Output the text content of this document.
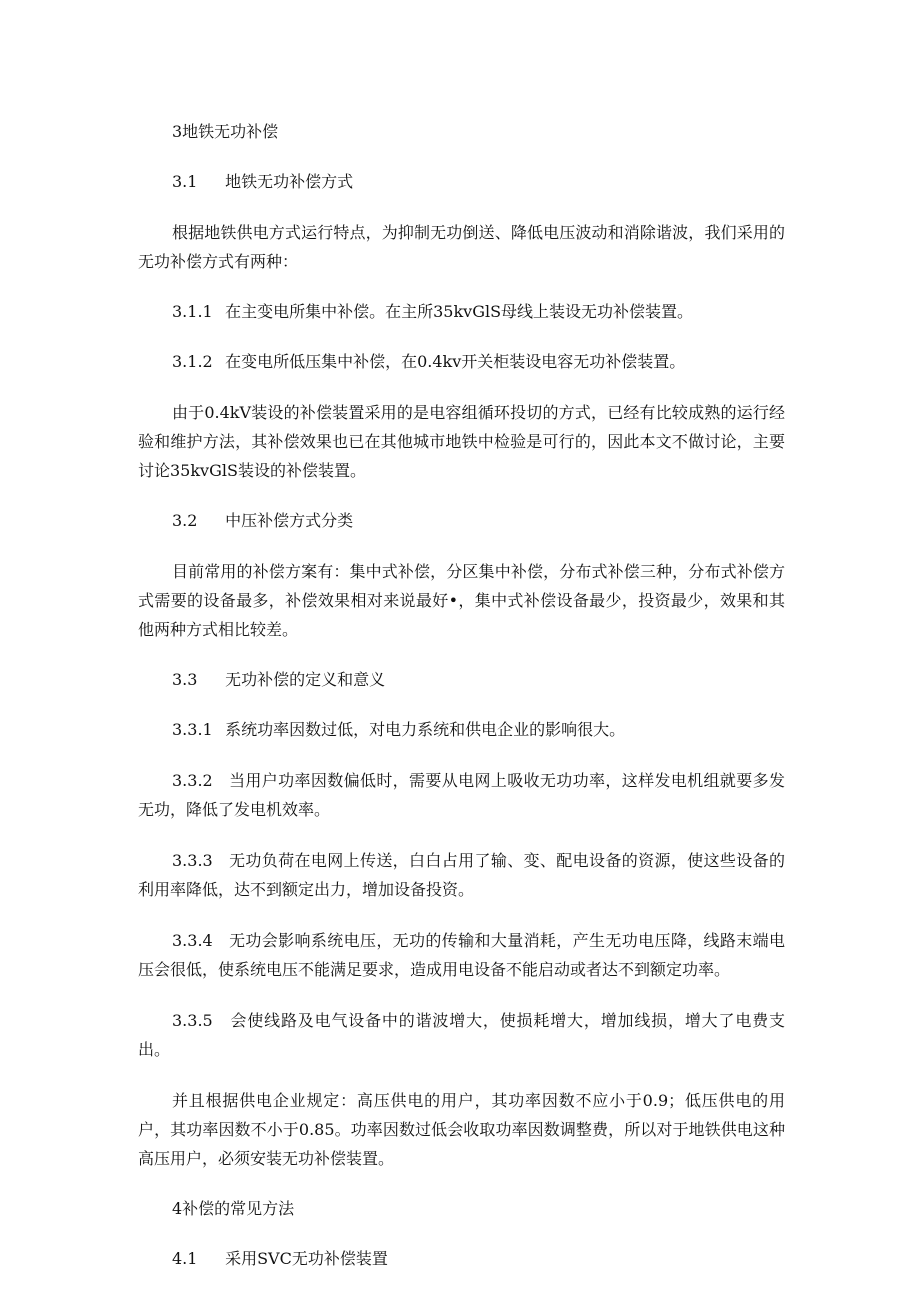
3地铁无功补偿

3.1 地铁无功补偿方式

根据地铁供电方式运行特点，为抑制无功倒送、降低电压波动和消除谐波，我们采用的无功补偿方式有两种：

3.1.1 在主变电所集中补偿。在主所35kvGlS母线上装设无功补偿装置。

3.1.2 在变电所低压集中补偿，在0.4kv开关柜装设电容无功补偿装置。

由于0.4kV装设的补偿装置采用的是电容组循环投切的方式，已经有比较成熟的运行经验和维护方法，其补偿效果也已在其他城市地铁中检验是可行的，因此本文不做讨论，主要讨论35kvGlS装设的补偿装置。

3.2 中压补偿方式分类

目前常用的补偿方案有：集中式补偿，分区集中补偿，分布式补偿三种，分布式补偿方式需要的设备最多，补偿效果相对来说最好•，集中式补偿设备最少，投资最少，效果和其他两种方式相比较差。

3.3 无功补偿的定义和意义

3.3.1 系统功率因数过低，对电力系统和供电企业的影响很大。

3.3.2 当用户功率因数偏低时，需要从电网上吸收无功功率，这样发电机组就要多发无功，降低了发电机效率。

3.3.3 无功负荷在电网上传送，白白占用了输、变、配电设备的资源，使这些设备的利用率降低，达不到额定出力，增加设备投资。

3.3.4 无功会影响系统电压，无功的传输和大量消耗，产生无功电压降，线路末端电压会很低，使系统电压不能满足要求，造成用电设备不能启动或者达不到额定功率。

3.3.5 会使线路及电气设备中的谐波增大，使损耗增大，增加线损，增大了电费支出。

并且根据供电企业规定：高压供电的用户，其功率因数不应小于0.9；低压供电的用户，其功率因数不小于0.85。功率因数过低会收取功率因数调整费，所以对于地铁供电这种高压用户，必须安装无功补偿装置。

4补偿的常见方法

4.1 采用SVC无功补偿装置
